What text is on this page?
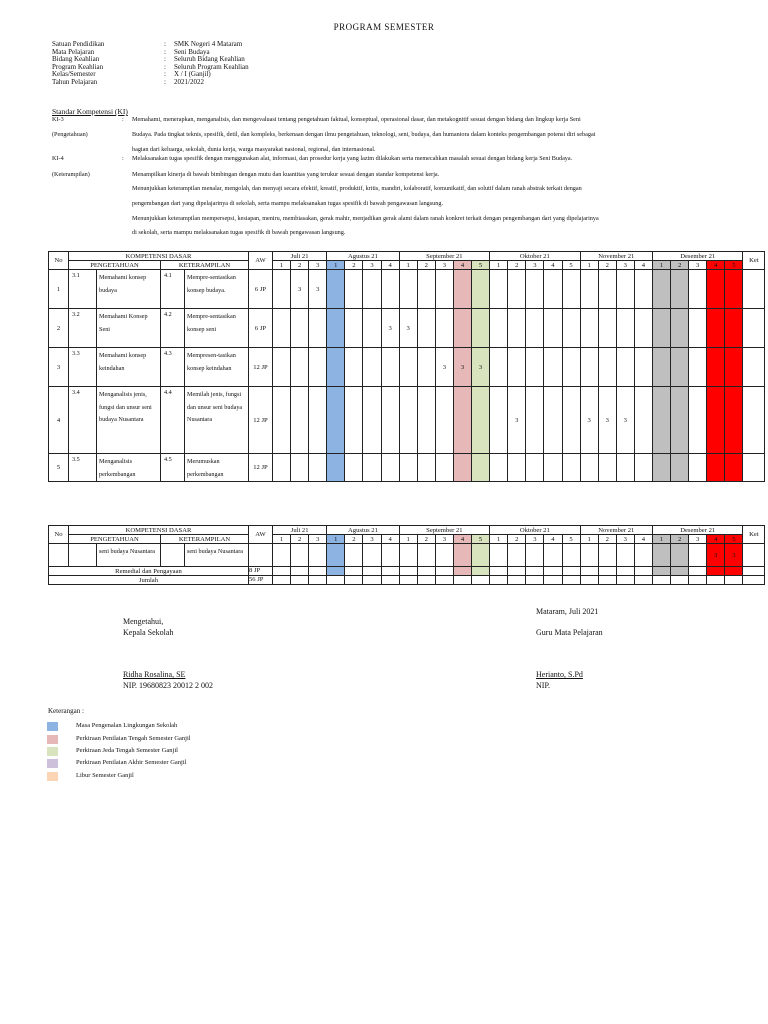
PROGRAM SEMESTER
Satuan Pendidikan	:	SMK Negeri 4 Mataram
Mata Pelajaran	:	Seni Budaya
Bidang Keahlian	:	Seluruh Bidang Keahlian
Program Keahlian	:	Seluruh Program Keahlian
Kelas/Semester	:	X / I (Ganjil)
Tahun Pelajaran	:	2021/2022
Standar Kompetensi (KI)
KI-3	: Memahami, menerapkan, menganalisis, dan mengevaluasi tentang pengetahuan faktual, konseptual, operasional dasar, dan metakognitif sesuai dengan bidang dan lingkup kerja Seni
(Pengetahuan)	Budaya. Pada tingkat teknis, spesifik, detil, dan kompleks, berkenaan dengan ilmu pengetahuan, teknologi, seni, budaya, dan humaniora dalam konteks pengembangan potensi diri sebagai
bagian dari keluarga, sekolah, dunia kerja, warga masyarakat nasional, regional, dan internasional.
KI-4	: Melaksanakan tugas spesifik dengan menggunakan alat, informasi, dan prosedur kerja yang lazim dilakukan serta memecahkan masalah sesuai dengan bidang kerja Seni Budaya.
(Keterampilan)	Menampilkan kinerja di bawah bimbingan dengan mutu dan kuantitas yang terukur sesuai dengan standar kompetensi kerja.
Menunjukkan keterampilan menalar, mengolah, dan menyaji secara efektif, kreatif, produktif, kritis, mandiri, kolaboratif, komunikatif, dan solutif dalam ranah abstrak terkait dengan
pengembangan dari yang dipelajarinya di sekolah, serta mampu melaksanakan tugas spesifik di bawah pengawasan langsung.
Menunjukkan keterampilan mempersepsi, kesiapan, meniru, membiasakan, gerak mahir, menjadikan gerak alami dalam ranah konkret terkait dengan pengembangan dari yang dipelajarinya
di sekolah, serta mampu melaksanakan tugas spesifik di bawah pengawasan langsung.
No	KOMPETENSI DASAR				AW	Juli 21			Agustus 21				September 21					Oktober 21					November 21				Desember 21					Ket
	PENGETAHUAN		KETERAMPILAN			1	2	3	1	2	3	4	1	2	3	4	5	1	2	3	4	5	1	2	3	4	1	2	3	4	5	
1	3.1	Memahami konsep budaya	4.1	Mempre-sentasikan konsep budaya.	6 JP		3	3																								
2	3.2	Memahami Konsep Seni	4.2	Mempre-sentasikan konsep seni	6 JP							3	3																			
3	3.3	Memahami konsep keindahan	4.3	Mempresen-tasikan konsep keindahan	12 JP										3	3	3															
4	3.4	Menganalisis jenis, fungsi dan unsur seni budaya Nusantara	4.4	Memilah jenis, fungsi dan unsur seni budaya Nusantara	12 JP														3				3	3	3							
5	3.5	Menganalisis perkembangan	4.5	Merumuskan perkembangan	12 JP																											
No	KOMPETENSI DASAR				AW	Juli 21			Agustus 21				September 21					Oktober 21					November 21				Desember 21					Ket
	PENGETAHUAN		KETERAMPILAN			1	2	3	1	2	3	4	1	2	3	4	5	1	2	3	4	5	1	2	3	4	1	2	3	4	5	

		seni budaya Nusantara		seni budaya Nusantara																										3	3	
Remedial dan Pengayaan					8 JP																											
Jumlah					56 JP																											
Mataram, Juli 2021
Mengetahui,
Kepala Sekolah	Guru Mata Pelajaran
Ridha Rosalina, SE
NIP. 19680823 20012 2 002
Herianto, S.Pd
NIP.
Keterangan :
Masa Pengenalan Lingkungan Sekolah
Perkiraan Penilaian Tengah Semester Ganjil
Perkiraan Jeda Tengah Semester Ganjil
Perkiraan Penilaian Akhir Semester Ganjil
Libur Semester Ganjil
